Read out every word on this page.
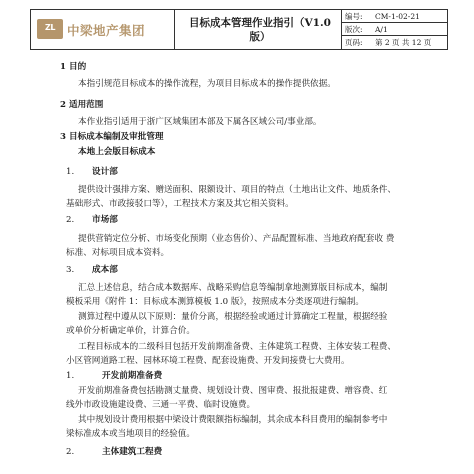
ZL 中梁地产集团	目标成本管理作业指引（V1.0版）
编号: CM-1-02-21
版次: A/1
页码: 第 2 页 共 12 页
1 目的
本指引规范目标成本的操作流程，为项目目标成本的操作提供依据。
2 适用范围
本作业指引适用于浙广区域集团本部及下属各区域公司/事业部。
3 目标成本编制及审批管理
本地上会版目标成本
1. 设计部
提供设计强排方案、赠送面积、限额设计、项目的特点（土地出让文件、地质条件、
基础形式、市政接驳口等），工程技术方案及其它相关资料。
2. 市场部
提供营销定位分析、市场变化预期（业态售价）、产品配置标准、当地政府配套收 费
标准、对标项目成本资料。
3. 成本部
汇总上述信息，结合成本数据库、战略采购信息等编制拿地测算版目标成本，编制
模板采用《附件 1：目标成本测算模板 1.0 版》，按照成本分类逐项进行编制。
测算过程中遵从以下原则：量价分离，根据经验或通过计算确定工程量，根据经验
或单价分析确定单价，计算合价。
工程目标成本的二级科目包括开发前期准备费、主体建筑工程费、主体安装工程费、
小区管网道路工程、园林环境工程费、配套设施费、开发间接费七大费用。
1.	开发前期准备费
开发前期准备费包括勘测丈量费、规划设计费、图审费、报批报建费、增容费、红
线外市政设施建设费、三通一平费、临时设施费。
其中规划设计费用根据中梁设计费限额指标编制，其余成本科目费用的编制参考中
梁标准成本或当地项目的经验值。
2.	主体建筑工程费
